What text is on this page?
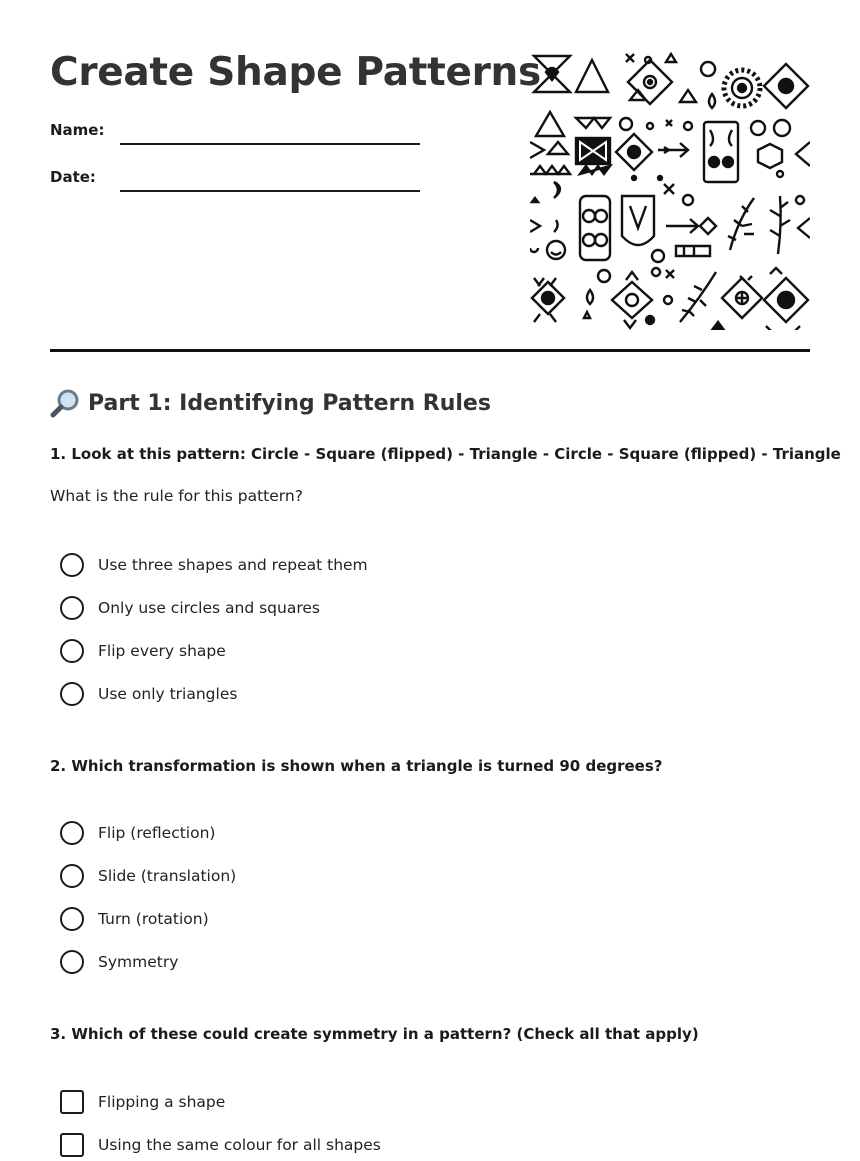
Create Shape Patterns
Name:
Date:
Part 1: Identifying Pattern Rules
1. Look at this pattern: Circle - Square (flipped) - Triangle - Circle - Square (flipped) - Triangle
What is the rule for this pattern?
Use three shapes and repeat them
Only use circles and squares
Flip every shape
Use only triangles
2. Which transformation is shown when a triangle is turned 90 degrees?
Flip (reflection)
Slide (translation)
Turn (rotation)
Symmetry
3. Which of these could create symmetry in a pattern? (Check all that apply)
Flipping a shape
Using the same colour for all shapes
